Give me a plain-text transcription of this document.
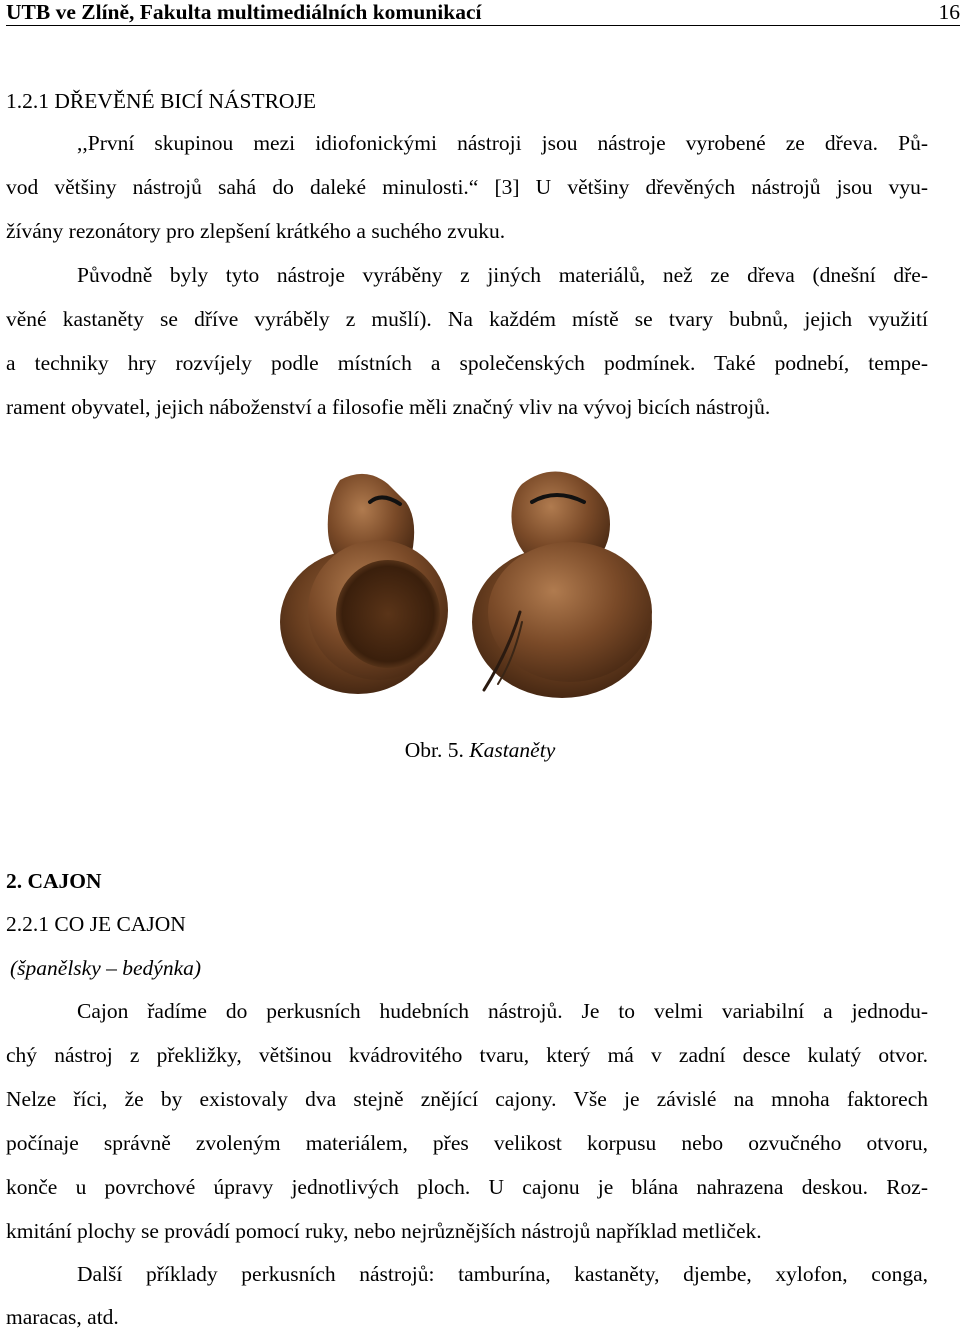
UTB ve Zlíně, Fakulta multimediálních komunikací	16
1.2.1 DŘEVĚNÉ BICÍ NÁSTROJE
,,První skupinou mezi idiofonickými nástroji jsou nástroje vyrobené ze dřeva. Pů-
vod většiny nástrojů sahá do daleké minulosti.“ [3] U většiny dřevěných nástrojů jsou vyu-
žívány rezonátory pro zlepšení krátkého a suchého zvuku.
Původně byly tyto nástroje vyráběny z jiných materiálů, než ze dřeva (dnešní dře-
věné kastaněty se dříve vyráběly z mušlí). Na každém místě se tvary bubnů, jejich využití
a techniky hry rozvíjely podle místních a společenských podmínek. Také podnebí, tempe-
rament obyvatel, jejich náboženství a filosofie měli značný vliv na vývoj bicích nástrojů.
Obr. 5. Kastaněty
2. CAJON
2.2.1 CO JE CAJON
(španělsky – bedýnka)
Cajon řadíme do perkusních hudebních nástrojů. Je to velmi variabilní a jednodu-
chý nástroj z překližky, většinou kvádrovitého tvaru, který má v zadní desce kulatý otvor.
Nelze říci, že by existovaly dva stejně znějící cajony. Vše je závislé na mnoha faktorech
počínaje správně zvoleným materiálem, přes velikost korpusu nebo ozvučného otvoru,
konče u povrchové úpravy jednotlivých ploch. U cajonu je blána nahrazena deskou. Roz-
kmitání plochy se provádí pomocí ruky, nebo nejrůznějších nástrojů například metliček.
Další příklady perkusních nástrojů: tamburína, kastaněty, djembe, xylofon, conga,
maracas, atd.
